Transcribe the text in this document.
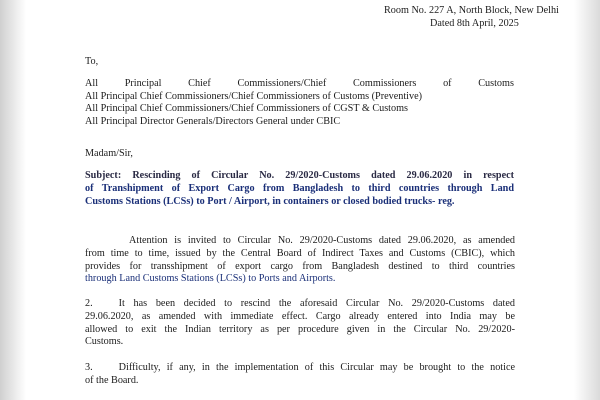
Room No. 227 A, North Block, New Delhi
Dated 8th April, 2025
To,
All	Principal	Chief	Commissioners/Chief	Commissioners	of	Customs
All Principal Chief Commissioners/Chief Commissioners of Customs (Preventive)
All Principal Chief Commissioners/Chief Commissioners of CGST & Customs
All Principal Director Generals/Directors General under CBIC
Madam/Sir,
Subject: Rescinding of Circular No. 29/2020-Customs dated 29.06.2020 in respect
of Transhipment of Export Cargo from Bangladesh to third countries through Land
Customs Stations (LCSs) to Port / Airport, in containers or closed bodied trucks- reg.
Attention is invited to Circular No. 29/2020-Customs dated 29.06.2020, as amended
from time to time, issued by the Central Board of Indirect Taxes and Customs (CBIC), which
provides for transshipment of export cargo from Bangladesh destined to third countries
through Land Customs Stations (LCSs) to Ports and Airports.
2.	It has been decided to rescind the aforesaid Circular No. 29/2020-Customs dated
29.06.2020, as amended with immediate effect. Cargo already entered into India may be
allowed to exit the Indian territory as per procedure given in the Circular No. 29/2020-
Customs.
3.	Difficulty, if any, in the implementation of this Circular may be brought to the notice
of the Board.
